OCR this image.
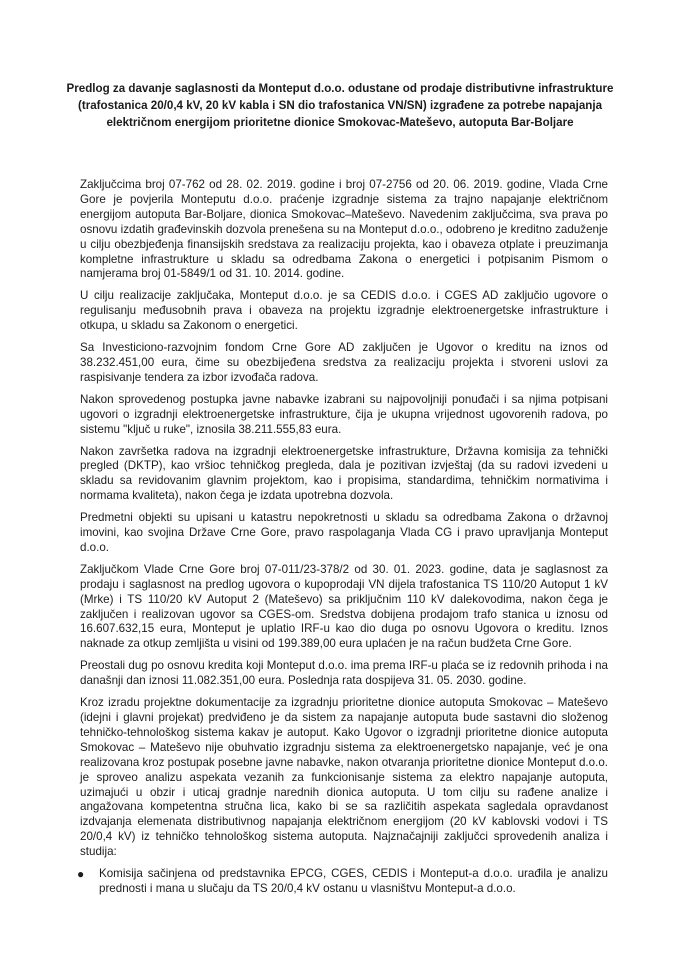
Predlog za davanje saglasnosti da Monteput d.o.o. odustane od prodaje distributivne infrastrukture (trafostanica 20/0,4 kV, 20 kV kabla i SN dio trafostanica VN/SN) izgrađene za potrebe napajanja električnom energijom prioritetne dionice Smokovac-Mateševo, autoputa Bar-Boljare

Zaključcima broj 07-762 od 28. 02. 2019. godine i broj 07-2756 od 20. 06. 2019. godine, Vlada Crne Gore je povjerila Monteputu d.o.o. praćenje izgradnje sistema za trajno napajanje električnom energijom autoputa Bar-Boljare, dionica Smokovac–Mateševo. Navedenim zaključcima, sva prava po osnovu izdatih građevinskih dozvola prenešena su na Monteput d.o.o., odobreno je kreditno zaduženje u cilju obezbjeđenja finansijskih sredstava za realizaciju projekta, kao i obaveza otplate i preuzimanja kompletne infrastrukture u skladu sa odredbama Zakona o energetici i potpisanim Pismom o namjerama broj 01-5849/1 od 31. 10. 2014. godine.

U cilju realizacije zaključaka, Monteput d.o.o. je sa CEDIS d.o.o. i CGES AD zaključio ugovore o regulisanju međusobnih prava i obaveza na projektu izgradnje elektroenergetske infrastrukture i otkupa, u skladu sa Zakonom o energetici.

Sa Investiciono-razvojnim fondom Crne Gore AD zaključen je Ugovor o kreditu na iznos od 38.232.451,00 eura, čime su obezbijeđena sredstva za realizaciju projekta i stvoreni uslovi za raspisivanje tendera za izbor izvođača radova.

Nakon sprovedenog postupka javne nabavke izabrani su najpovoljniji ponuđači i sa njima potpisani ugovori o izgradnji elektroenergetske infrastrukture, čija je ukupna vrijednost ugovorenih radova, po sistemu "ključ u ruke", iznosila 38.211.555,83 eura.

Nakon završetka radova na izgradnji elektroenergetske infrastrukture, Državna komisija za tehnički pregled (DKTP), kao vršioc tehničkog pregleda, dala je pozitivan izvještaj (da su radovi izvedeni u skladu sa revidovanim glavnim projektom, kao i propisima, standardima, tehničkim normativima i normama kvaliteta), nakon čega je izdata upotrebna dozvola.

Predmetni objekti su upisani u katastru nepokretnosti u skladu sa odredbama Zakona o državnoj imovini, kao svojina Države Crne Gore, pravo raspolaganja Vlada CG i pravo upravljanja Monteput d.o.o.

Zaključkom Vlade Crne Gore broj 07-011/23-378/2 od 30. 01. 2023. godine, data je saglasnost za prodaju i saglasnost na predlog ugovora o kupoprodaji VN dijela trafostanica TS 110/20 Autoput 1 kV (Mrke) i TS 110/20 kV Autoput 2 (Mateševo) sa priključnim 110 kV dalekovodima, nakon čega je zaključen i realizovan ugovor sa CGES-om. Sredstva dobijena prodajom trafo stanica u iznosu od 16.607.632,15 eura, Monteput je uplatio IRF-u kao dio duga po osnovu Ugovora o kreditu. Iznos naknade za otkup zemljišta u visini od 199.389,00 eura uplaćen je na račun budžeta Crne Gore.

Preostali dug po osnovu kredita koji Monteput d.o.o. ima prema IRF-u plaća se iz redovnih prihoda i na današnji dan iznosi 11.082.351,00 eura. Poslednja rata dospijeva 31. 05. 2030. godine.

Kroz izradu projektne dokumentacije za izgradnju prioritetne dionice autoputa Smokovac – Mateševo (idejni i glavni projekat) predviđeno je da sistem za napajanje autoputa bude sastavni dio složenog tehničko-tehnološkog sistema kakav je autoput. Kako Ugovor o izgradnji prioritetne dionice autoputa Smokovac – Mateševo nije obuhvatio izgradnju sistema za elektroenergetsko napajanje, već je ona realizovana kroz postupak posebne javne nabavke, nakon otvaranja prioritetne dionice Monteput d.o.o. je sproveo analizu aspekata vezanih za funkcionisanje sistema za elektro napajanje autoputa, uzimajući u obzir i uticaj gradnje narednih dionica autoputa. U tom cilju su rađene analize i angažovana kompetentna stručna lica, kako bi se sa različitih aspekata sagledala opravdanost izdvajanja elemenata distributivnog napajanja električnom energijom (20 kV kablovski vodovi i TS 20/0,4 kV) iz tehničko tehnološkog sistema autoputa. Najznačajniji zaključci sprovedenih analiza i studija:

● Komisija sačinjena od predstavnika EPCG, CGES, CEDIS i Monteput-a d.o.o. urađila je analizu prednosti i mana u slučaju da TS 20/0,4 kV ostanu u vlasništvu Monteput-a d.o.o.
